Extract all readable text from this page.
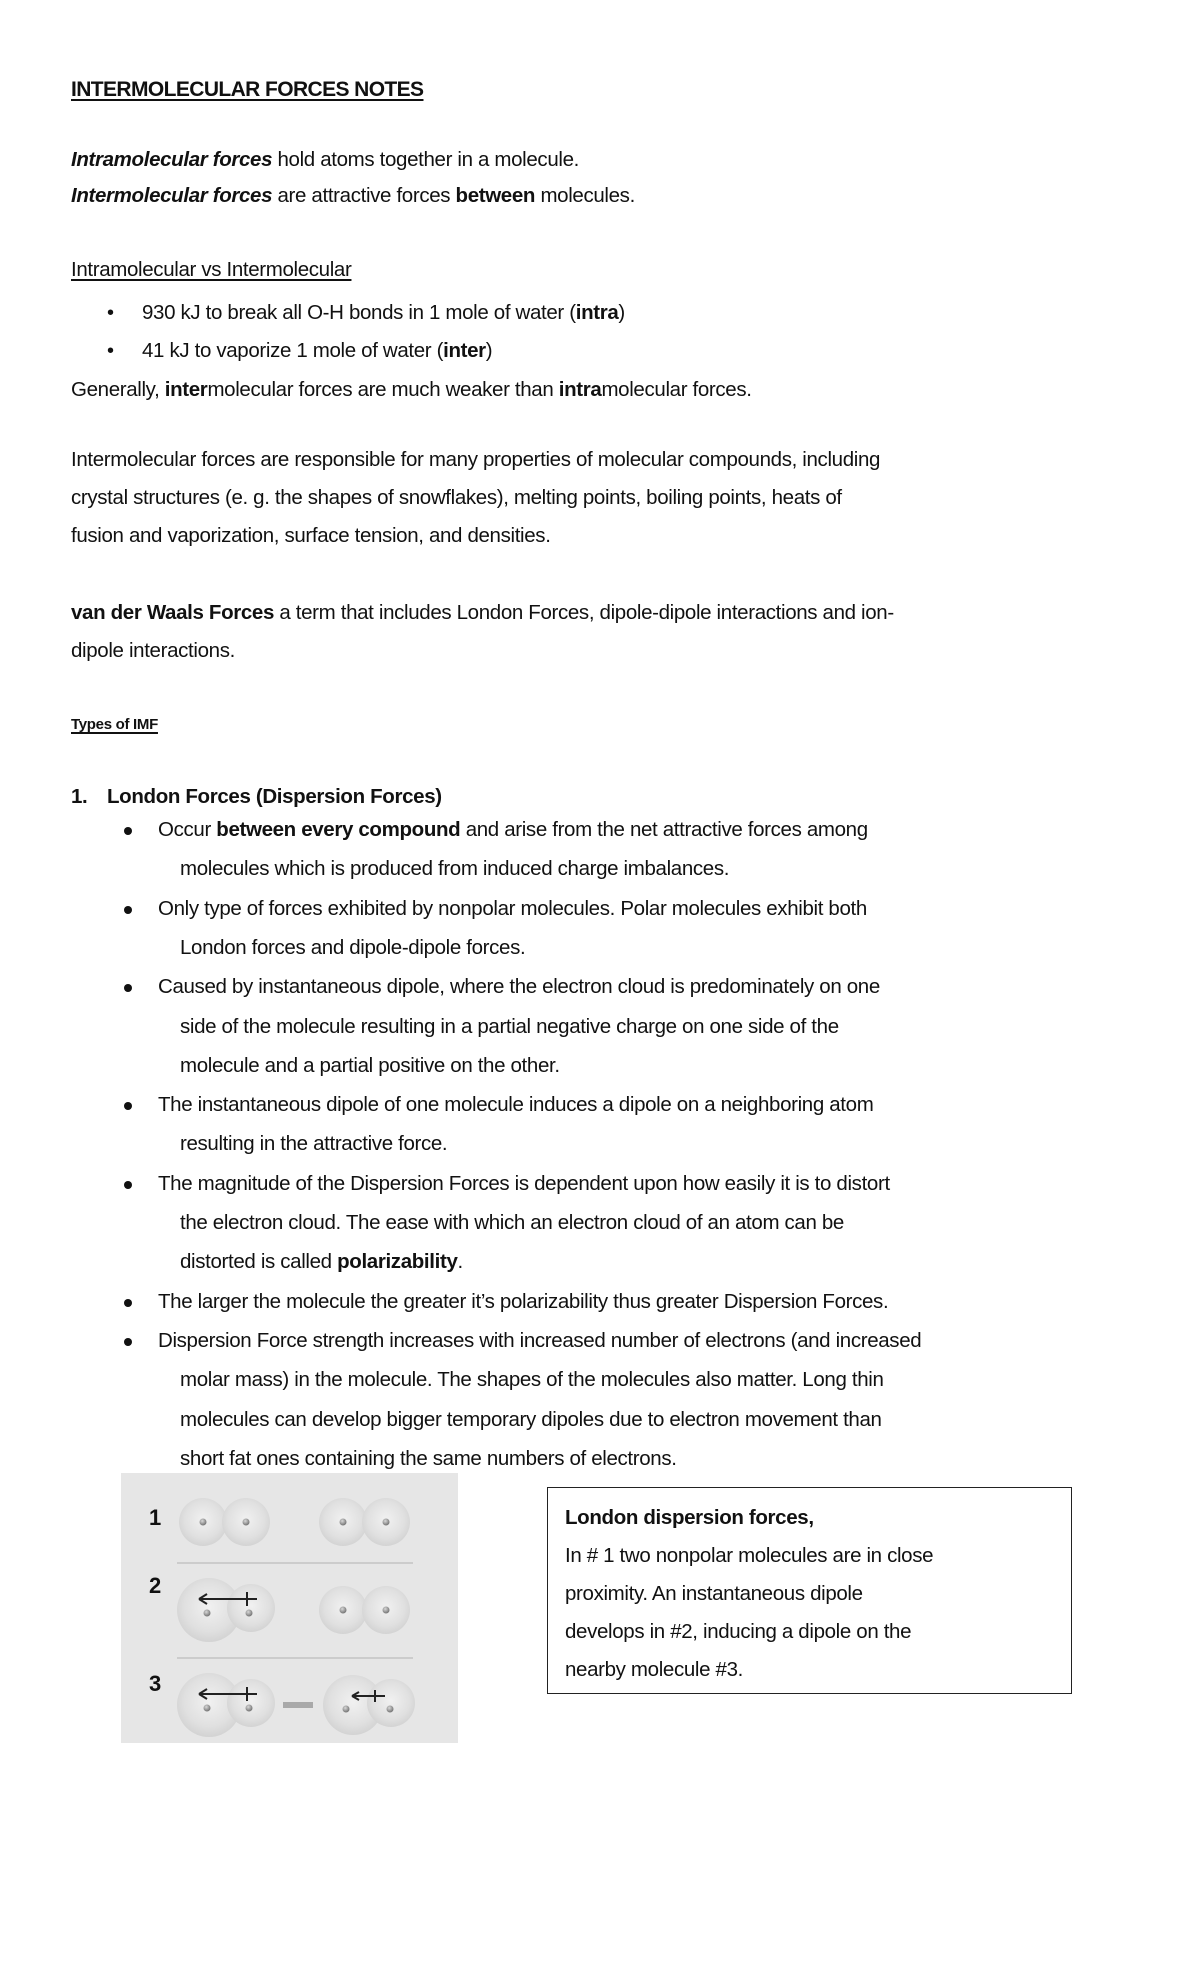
INTERMOLECULAR FORCES NOTES
Intramolecular forces hold atoms together in a molecule.
Intermolecular forces are attractive forces between molecules.
Intramolecular vs Intermolecular
• 930 kJ to break all O-H bonds in 1 mole of water (intra)
• 41 kJ to vaporize 1 mole of water (inter)
Generally, intermolecular forces are much weaker than intramolecular forces.
Intermolecular forces are responsible for many properties of molecular compounds, including
crystal structures (e. g. the shapes of snowflakes), melting points, boiling points, heats of
fusion and vaporization, surface tension, and densities.
van der Waals Forces a term that includes London Forces, dipole-dipole interactions and ion-
dipole interactions.
Types of IMF
1. London Forces (Dispersion Forces)
Occur between every compound and arise from the net attractive forces among
molecules which is produced from induced charge imbalances.
Only type of forces exhibited by nonpolar molecules. Polar molecules exhibit both
London forces and dipole-dipole forces.
Caused by instantaneous dipole, where the electron cloud is predominately on one
side of the molecule resulting in a partial negative charge on one side of the
molecule and a partial positive on the other.
The instantaneous dipole of one molecule induces a dipole on a neighboring atom
resulting in the attractive force.
The magnitude of the Dispersion Forces is dependent upon how easily it is to distort
the electron cloud. The ease with which an electron cloud of an atom can be
distorted is called polarizability.
The larger the molecule the greater it’s polarizability thus greater Dispersion Forces.
Dispersion Force strength increases with increased number of electrons (and increased
molar mass) in the molecule. The shapes of the molecules also matter. Long thin
molecules can develop bigger temporary dipoles due to electron movement than
short fat ones containing the same numbers of electrons.
1
2
3
London dispersion forces,
In # 1 two nonpolar molecules are in close
proximity. An instantaneous dipole
develops in #2, inducing a dipole on the
nearby molecule #3.
